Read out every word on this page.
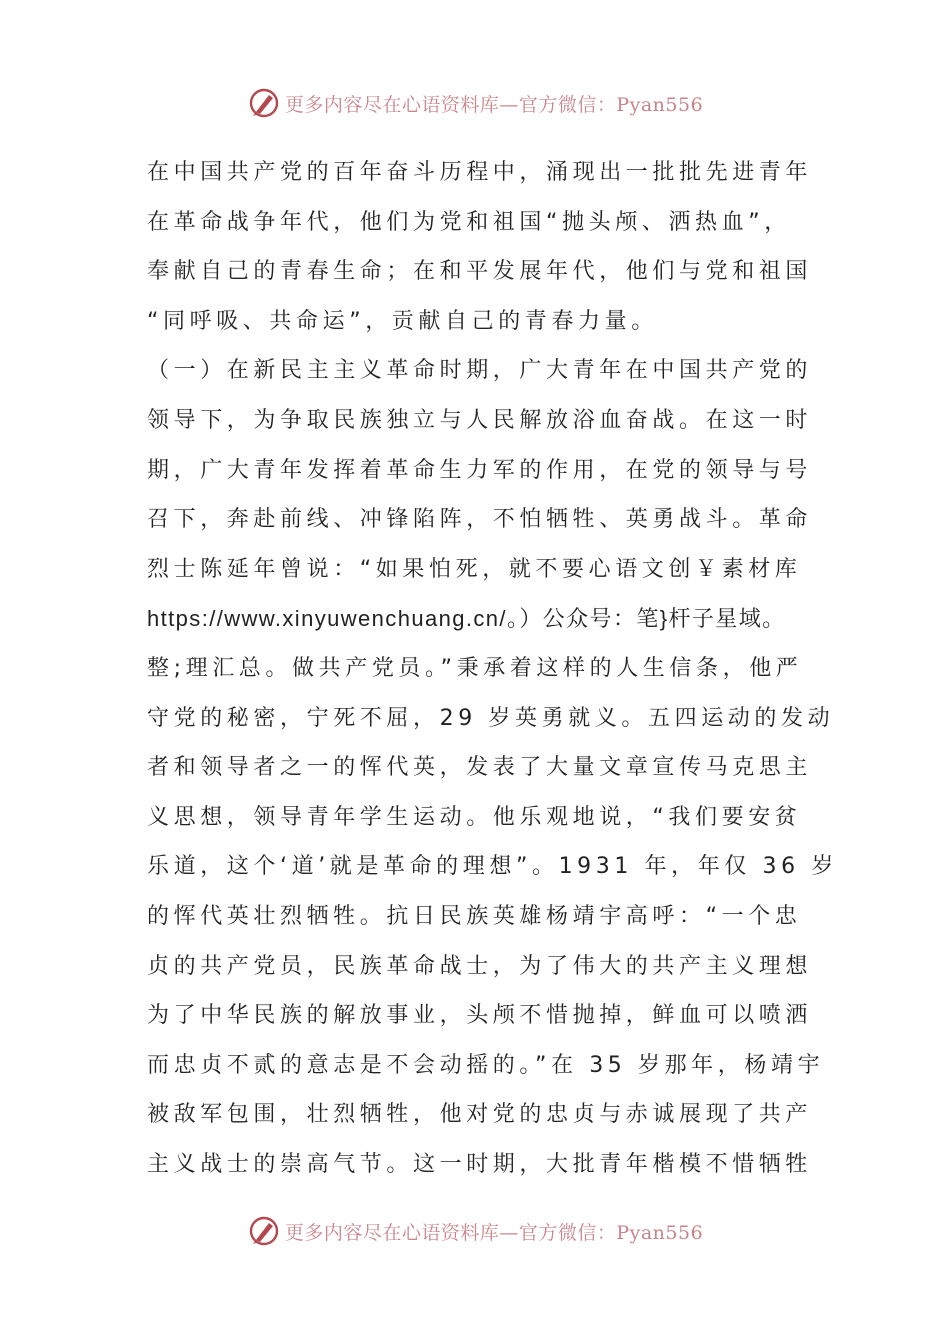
更多内容尽在心语资料库—官方微信：Pyan556
在中国共产党的百年奋斗历程中，涌现出一批批先进青年
在革命战争年代，他们为党和祖国“抛头颅、洒热血”，
奉献自己的青春生命；在和平发展年代，他们与党和祖国
“同呼吸、共命运”，贡献自己的青春力量。
（一）在新民主主义革命时期，广大青年在中国共产党的
领导下，为争取民族独立与人民解放浴血奋战。在这一时
期，广大青年发挥着革命生力军的作用，在党的领导与号
召下，奔赴前线、冲锋陷阵，不怕牺牲、英勇战斗。革命
烈士陈延年曾说：“如果怕死，就不要心语文创￥素材库
https://www.xinyuwenchuang.cn/。）公众号：笔}杆子星域。
整;理汇总。做共产党员。”秉承着这样的人生信条，他严
守党的秘密，宁死不屈，29 岁英勇就义。五四运动的发动
者和领导者之一的恽代英，发表了大量文章宣传马克思主
义思想，领导青年学生运动。他乐观地说，“我们要安贫
乐道，这个‘道’就是革命的理想”。1931 年，年仅 36 岁
的恽代英壮烈牺牲。抗日民族英雄杨靖宇高呼：“一个忠
贞的共产党员，民族革命战士，为了伟大的共产主义理想
为了中华民族的解放事业，头颅不惜抛掉，鲜血可以喷洒
而忠贞不贰的意志是不会动摇的。”在 35 岁那年，杨靖宇
被敌军包围，壮烈牺牲，他对党的忠贞与赤诚展现了共产
主义战士的崇高气节。这一时期，大批青年楷模不惜牺牲
更多内容尽在心语资料库—官方微信：Pyan556
